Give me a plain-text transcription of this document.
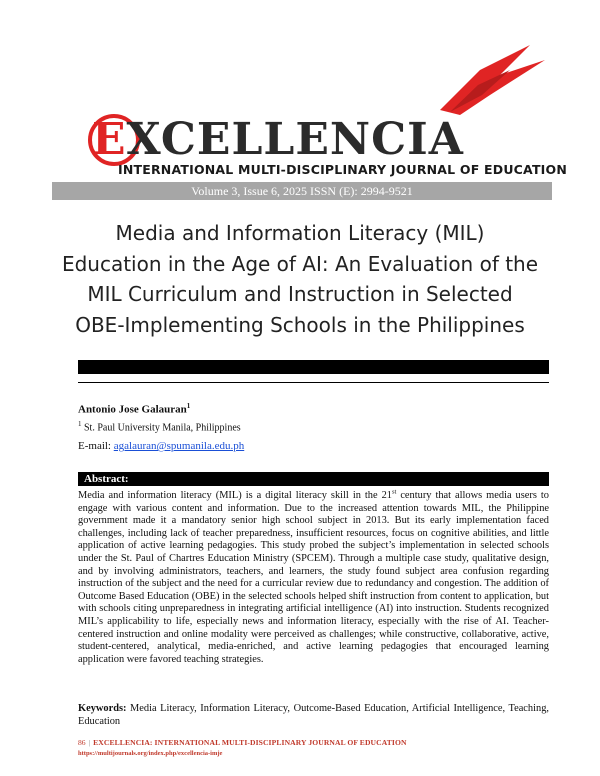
EXCELLENCIA
INTERNATIONAL MULTI-DISCIPLINARY JOURNAL OF EDUCATION
Volume 3, Issue 6, 2025 ISSN (E): 2994-9521
Media and Information Literacy (MIL)
Education in the Age of AI: An Evaluation of the
MIL Curriculum and Instruction in Selected
OBE-Implementing Schools in the Philippines
Antonio Jose Galauran$^1$
$^1$ St. Paul University Manila, Philippines
E-mail: agalauran@spumanila.edu.ph
Abstract:

Media and information literacy (MIL) is a digital literacy skill in the 21st century that allows media users to engage with various content and information. Due to the increased attention towards MIL, the Philippine government made it a mandatory senior high school subject in 2013. But its early implementation faced challenges, including lack of teacher preparedness, insufficient resources, focus on cognitive abilities, and little application of active learning pedagogies. This study probed the subject’s implementation in selected schools under the St. Paul of Chartres Education Ministry (SPCEM). Through a multiple case study, qualitative design, and by involving administrators, teachers, and learners, the study found subject area confusion regarding instruction of the subject and the need for a curricular review due to redundancy and congestion. The addition of Outcome Based Education (OBE) in the selected schools helped shift instruction from content to application, but with schools citing unpreparedness in integrating artificial intelligence (AI) into instruction. Students recognized MIL’s applicability to life, especially news and information literacy, especially with the rise of AI. Teacher-centered instruction and online modality were perceived as challenges; while constructive, collaborative, active, student-centered, analytical, media-enriched, and active learning pedagogies that encouraged learning application were favored teaching strategies.

Keywords: Media Literacy, Information Literacy, Outcome-Based Education, Artificial Intelligence, Teaching, Education

86 | EXCELLENCIA: INTERNATIONAL MULTI-DISCIPLINARY JOURNAL OF EDUCATION
https://multijournals.org/index.php/excellencia-imje
